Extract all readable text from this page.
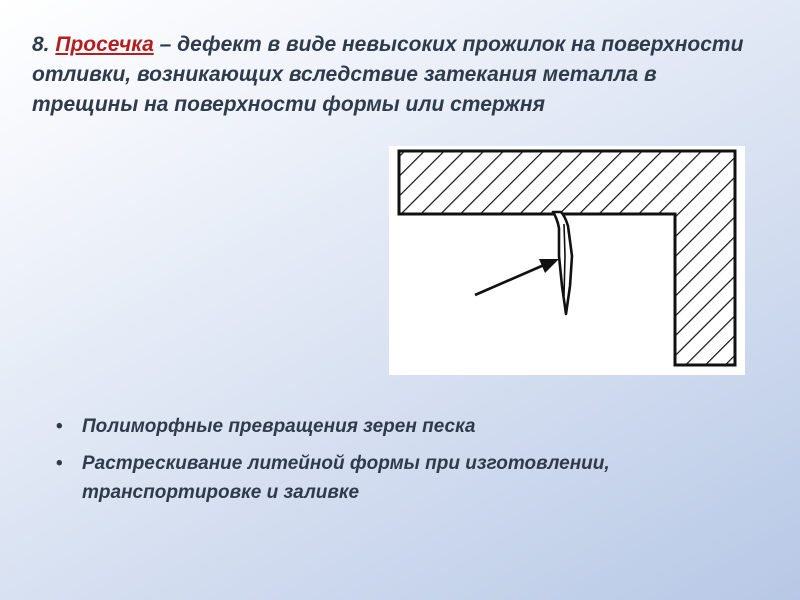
8. Просечка – дефект в виде невысоких прожилок на поверхности отливки, возникающих вследствие затекания металла в трещины на поверхности формы или стержня

• Полиморфные превращения зерен песка
• Растрескивание литейной формы при изготовлении, транспортировке и заливке
